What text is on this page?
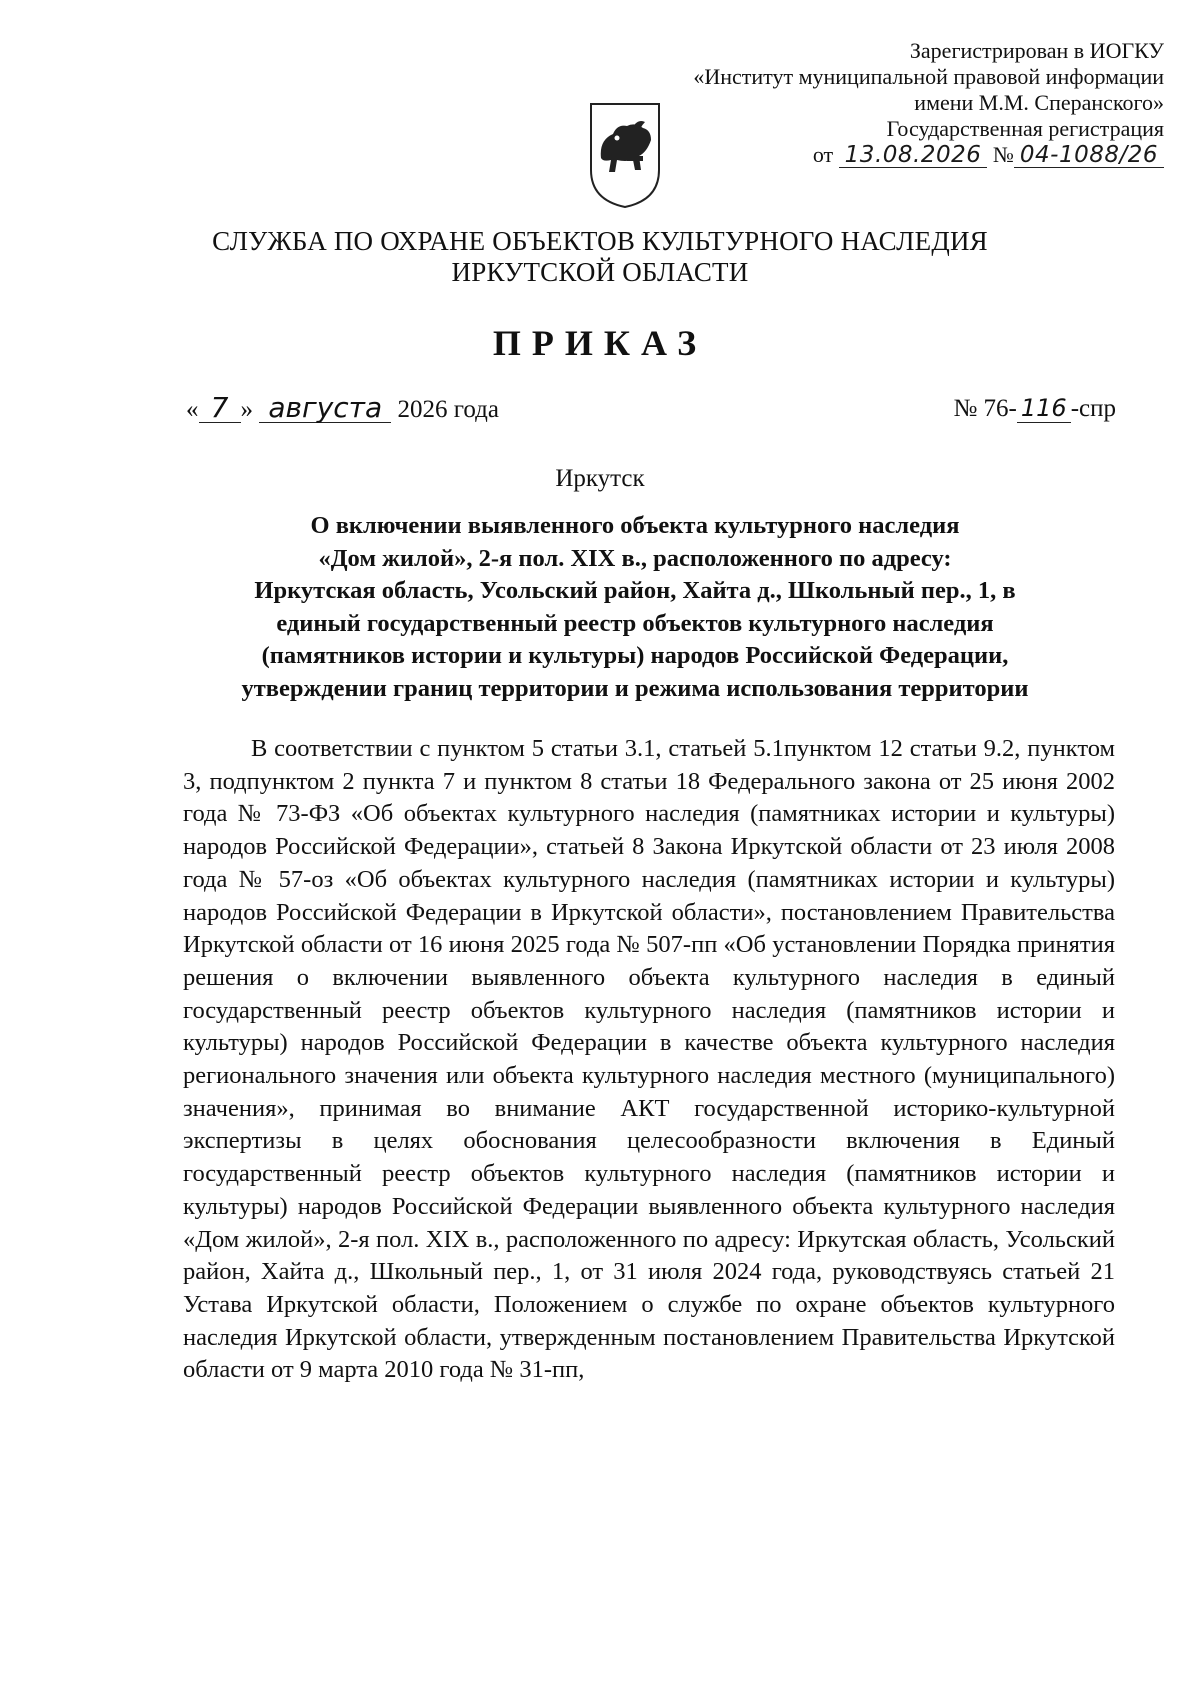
Зарегистрирован в ИОГКУ
«Институт муниципальной правовой информации
имени М.М. Сперанского»
Государственная регистрация
от 13.08.2026 № 04-1088/26
СЛУЖБА ПО ОХРАНЕ ОБЪЕКТОВ КУЛЬТУРНОГО НАСЛЕДИЯ
ИРКУТСКОЙ ОБЛАСТИ
ПРИКАЗ
« 7 » августа 2026 года	№ 76- 116 -спр
Иркутск
О включении выявленного объекта культурного наследия
«Дом жилой», 2-я пол. XIX в., расположенного по адресу:
Иркутская область, Усольский район, Хайта д., Школьный пер., 1, в
единый государственный реестр объектов культурного наследия
(памятников истории и культуры) народов Российской Федерации,
утверждении границ территории и режима использования территории

В соответствии с пунктом 5 статьи 3.1, статьей 5.1пунктом 12 статьи 9.2, пунктом 3, подпунктом 2 пункта 7 и пунктом 8 статьи 18 Федерального закона от 25 июня 2002 года № 73-ФЗ «Об объектах культурного наследия (памятниках истории и культуры) народов Российской Федерации», статьей 8 Закона Иркутской области от 23 июля 2008 года № 57-оз «Об объектах культурного наследия (памятниках истории и культуры) народов Российской Федерации в Иркутской области», постановлением Правительства Иркутской области от 16 июня 2025 года № 507-пп «Об установлении Порядка принятия решения о включении выявленного объекта культурного наследия в единый государственный реестр объектов культурного наследия (памятников истории и культуры) народов Российской Федерации в качестве объекта культурного наследия регионального значения или объекта культурного наследия местного (муниципального) значения», принимая во внимание АКТ государственной историко-культурной экспертизы в целях обоснования целесообразности включения в Единый государственный реестр объектов культурного наследия (памятников истории и культуры) народов Российской Федерации выявленного объекта культурного наследия «Дом жилой», 2-я пол. XIX в., расположенного по адресу: Иркутская область, Усольский район, Хайта д., Школьный пер., 1, от 31 июля 2024 года, руководствуясь статьей 21 Устава Иркутской области, Положением о службе по охране объектов культурного наследия Иркутской области, утвержденным постановлением Правительства Иркутской области от 9 марта 2010 года № 31-пп,
